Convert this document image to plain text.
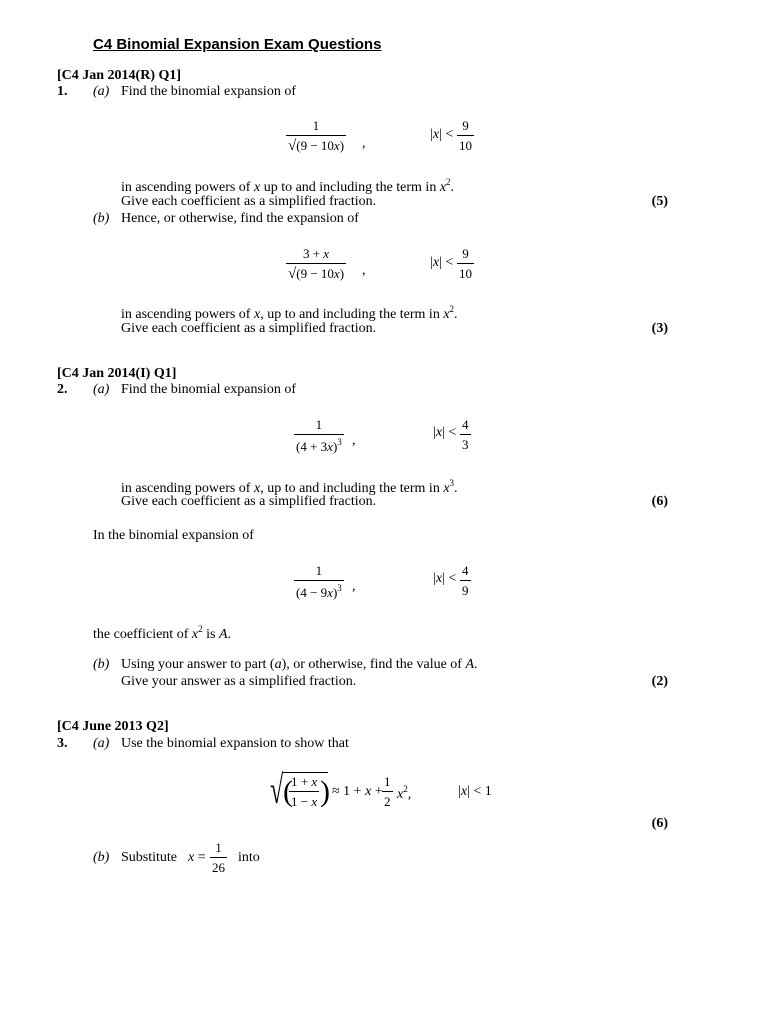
C4 Binomial Expansion Exam Questions
[C4 Jan 2014(R) Q1]
1. (a) Find the binomial expansion of
$\frac{1}{√(9 - 10x)}$ ,
$|x| < \frac{9}{10}$
in ascending powers of x up to and including the term in $x^2$.
Give each coefficient as a simplified fraction.	(5)
(b) Hence, or otherwise, find the expansion of
$\frac{3 + x}{√(9 - 10x)}$ ,
$|x| < \frac{9}{10}$
in ascending powers of x, up to and including the term in $x^2$.
Give each coefficient as a simplified fraction.	(3)
[C4 Jan 2014(I) Q1]
2. (a) Find the binomial expansion of
$\frac{1}{(4 + 3x)^3}$ ,
$|x| < \frac{4}{3}$
in ascending powers of x, up to and including the term in $x^3$.
Give each coefficient as a simplified fraction.	(6)
In the binomial expansion of
$\frac{1}{(4 - 9x)^3}$ ,
$|x| < \frac{4}{9}$
the coefficient of $x^2$ is A.
(b) Using your answer to part (a), or otherwise, find the value of A.
Give your answer as a simplified fraction.	(2)
[C4 June 2013 Q2]
3. (a) Use the binomial expansion to show that
√ (
$\frac{1 + x}{1 - x}$ ) ≈ $1 + x + \frac{1}{2} x^2$,	|x| < 1
(6)
(b) Substitute $x = \frac{1}{26}$ into
